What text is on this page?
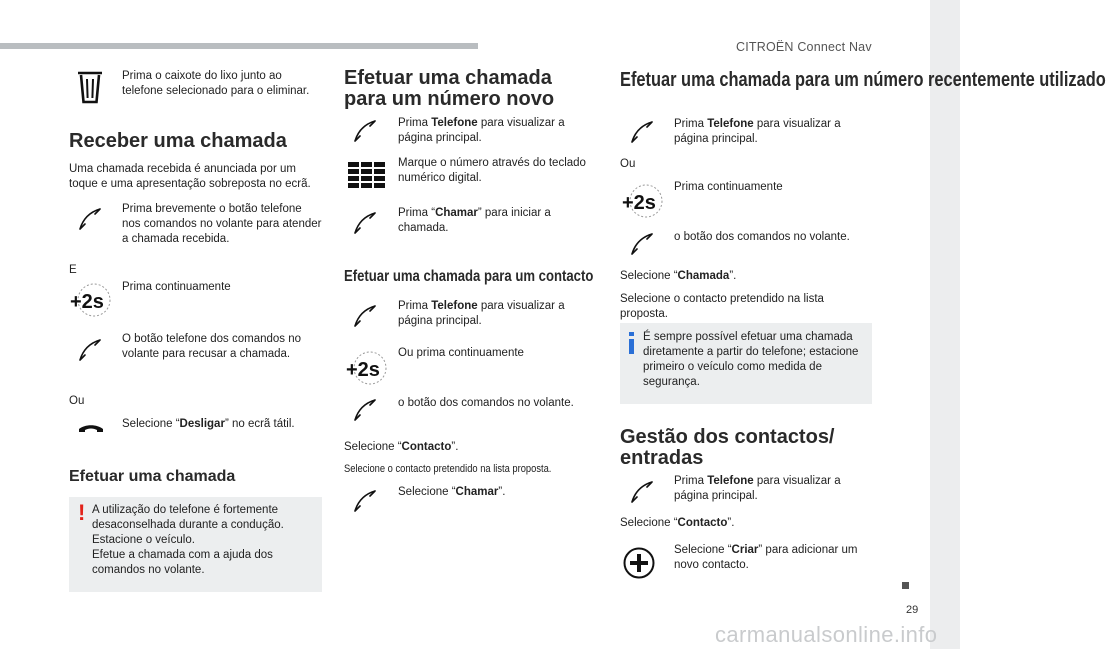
CITROËN Connect Nav
29
carmanualsonline.info
Prima o caixote do lixo junto ao telefone selecionado para o eliminar.
Receber uma chamada
Uma chamada recebida é anunciada por um toque e uma apresentação sobreposta no ecrã.
Prima brevemente o botão telefone nos comandos no volante para atender a chamada recebida.
E
+2s
Prima continuamente
O botão telefone dos comandos no volante para recusar a chamada.
Ou
Selecione “Desligar” no ecrã tátil.
Efetuar uma chamada
! A utilização do telefone é fortemente desaconselhada durante a condução.
Estacione o veículo.
Efetue a chamada com a ajuda dos comandos no volante.
Efetuar uma chamada para um número novo
Prima Telefone para visualizar a página principal.
Marque o número através do teclado numérico digital.
Prima “Chamar” para iniciar a chamada.
Efetuar uma chamada para um contacto
Prima Telefone para visualizar a página principal.
+2s
Ou prima continuamente
o botão dos comandos no volante.
Selecione “Contacto”.
Selecione o contacto pretendido na lista proposta.
Selecione “Chamar”.
Efetuar uma chamada para um número recentemente utilizado
Prima Telefone para visualizar a página principal.
Ou
+2s
Prima continuamente
o botão dos comandos no volante.
Selecione “Chamada”.
Selecione o contacto pretendido na lista proposta.
É sempre possível efetuar uma chamada diretamente a partir do telefone; estacione primeiro o veículo como medida de segurança.
Gestão dos contactos/ entradas
Prima Telefone para visualizar a página principal.
Selecione “Contacto”.
Selecione “Criar” para adicionar um novo contacto.
